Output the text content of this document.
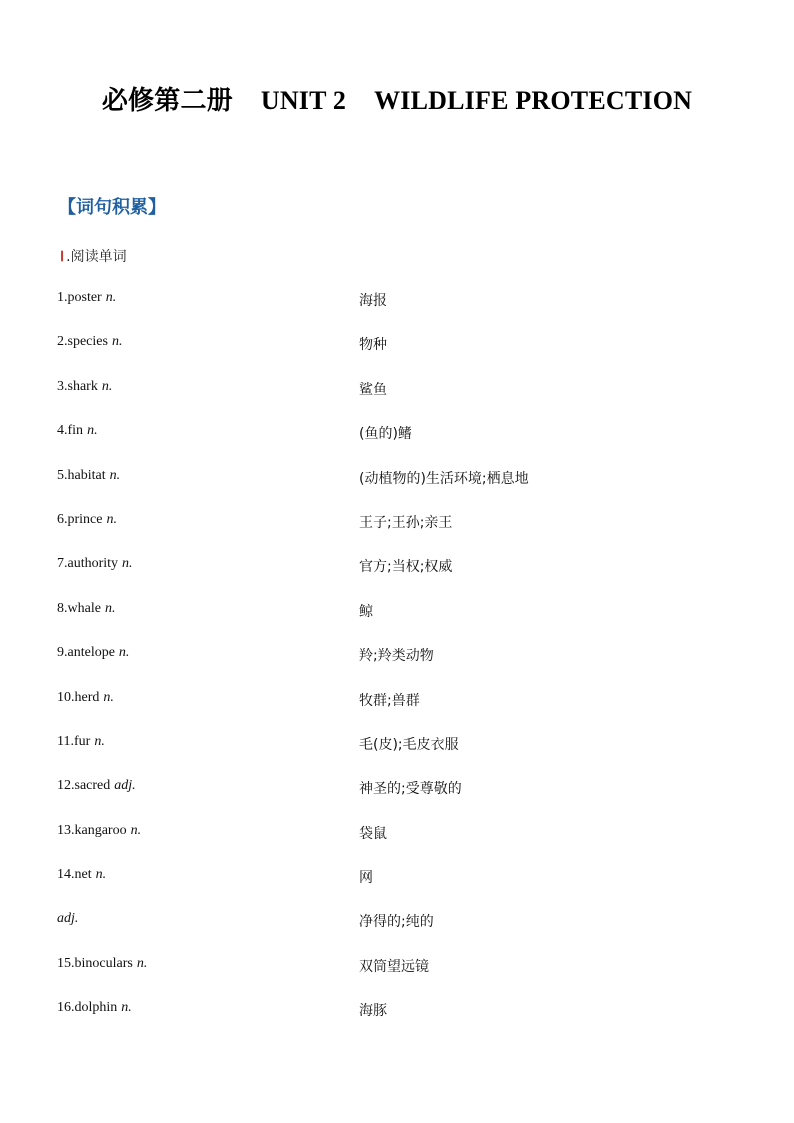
必修第二册 UNIT 2 WILDLIFE PROTECTION
【词句积累】
Ⅰ .阅读单词
1.poster n.	海报
2.species n.	物种
3.shark n.	鲨鱼
4.fin n.	(鱼的)鳍
5.habitat n.	(动植物的)生活环境;栖息地
6.prince n.	王子;王孙;亲王
7.authority n.	官方;当权;权威
8.whale n.	鲸
9.antelope n.	羚;羚类动物
10.herd n.	牧群;兽群
11.fur n.	毛(皮);毛皮衣服
12.sacred adj.	神圣的;受尊敬的
13.kangaroo n.	袋鼠
14.net n.	网
adj.	净得的;纯的
15.binoculars n.	双筒望远镜
16.dolphin n.	海豚
